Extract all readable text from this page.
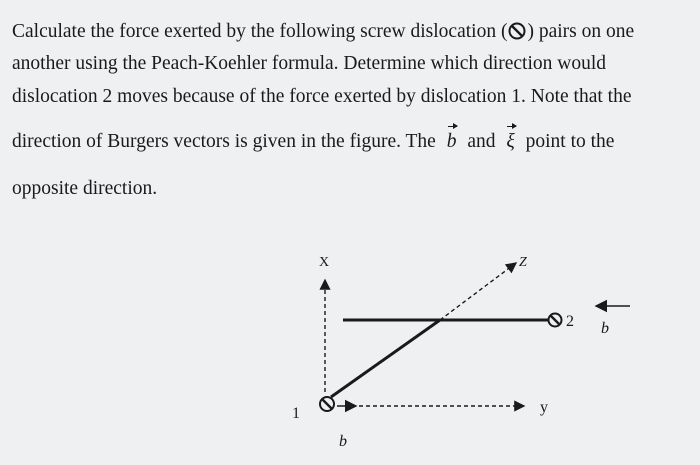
Calculate the force exerted by the following screw dislocation ( ) pairs on one
another using the Peach-Koehler formula. Determine which direction would
dislocation 2 moves because of the force exerted by dislocation 1. Note that the
direction of Burgers vectors is given in the figure. The b and ξ point to the
opposite direction.
X
y
Z
2 b
1
b
